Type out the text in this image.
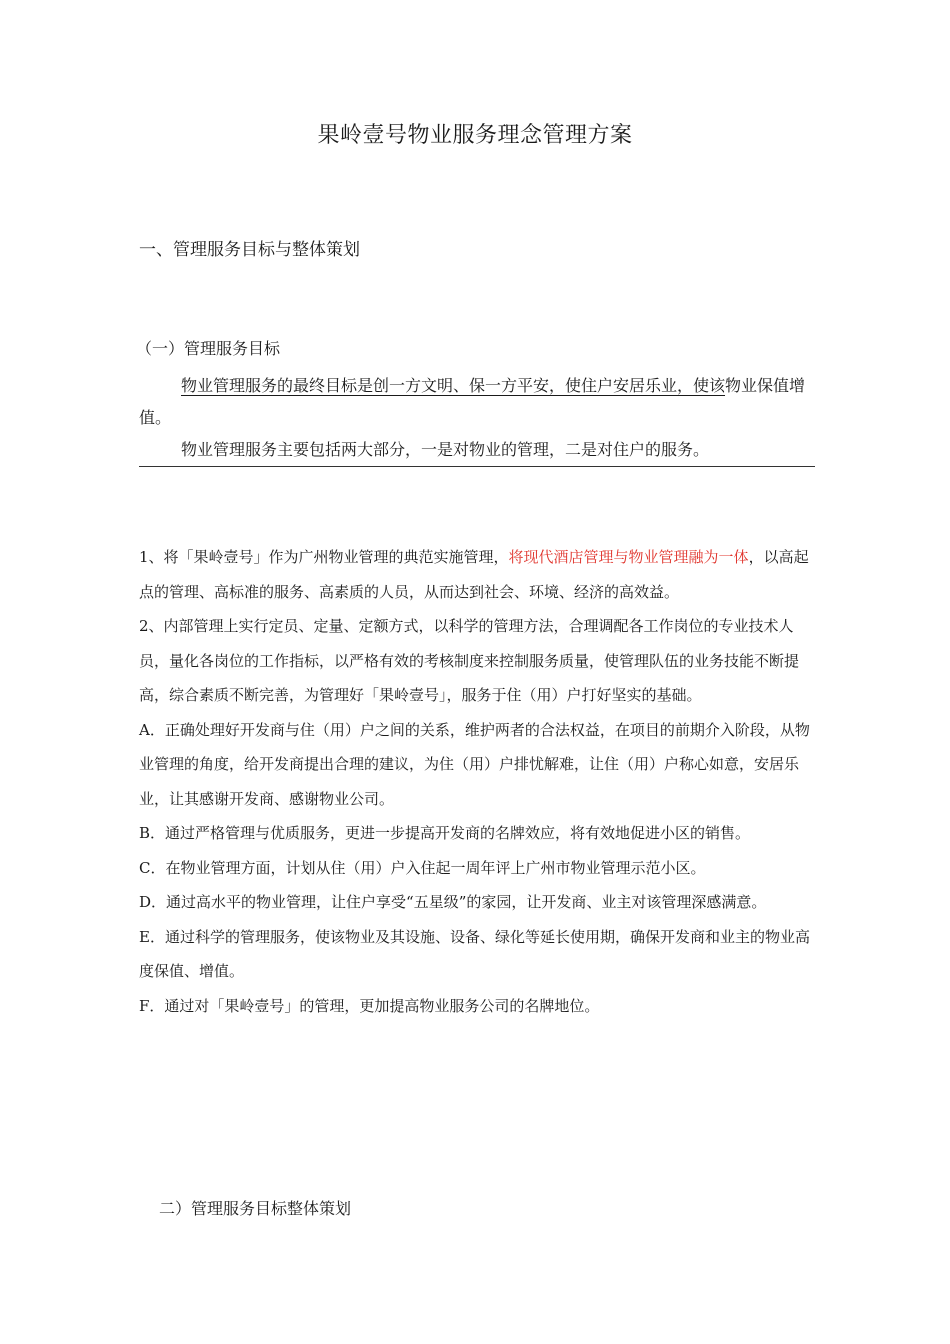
果岭壹号物业服务理念管理方案
一、管理服务目标与整体策划
（一）管理服务目标

物业管理服务的最终目标是创一方文明、保一方平安，使住户安居乐业，使该物业保值增值。

物业管理服务主要包括两大部分，一是对物业的管理，二是对住户的服务。

1、将「果岭壹号」作为广州物业管理的典范实施管理，将现代酒店管理与物业管理融为一体，以高起点的管理、高标准的服务、高素质的人员，从而达到社会、环境、经济的高效益。

2、内部管理上实行定员、定量、定额方式，以科学的管理方法，合理调配各工作岗位的专业技术人员，量化各岗位的工作指标，以严格有效的考核制度来控制服务质量，使管理队伍的业务技能不断提高，综合素质不断完善，为管理好「果岭壹号」，服务于住（用）户打好坚实的基础。

A．正确处理好开发商与住（用）户之间的关系，维护两者的合法权益，在项目的前期介入阶段，从物业管理的角度，给开发商提出合理的建议，为住（用）户排忧解难，让住（用）户称心如意，安居乐业，让其感谢开发商、感谢物业公司。

B．通过严格管理与优质服务，更进一步提高开发商的名牌效应，将有效地促进小区的销售。

C．在物业管理方面，计划从住（用）户入住起一周年评上广州市物业管理示范小区。

D．通过高水平的物业管理，让住户享受“五星级”的家园，让开发商、业主对该管理深感满意。

E．通过科学的管理服务，使该物业及其设施、设备、绿化等延长使用期，确保开发商和业主的物业高度保值、增值。

F．通过对「果岭壹号」的管理，更加提高物业服务公司的名牌地位。

二）管理服务目标整体策划
